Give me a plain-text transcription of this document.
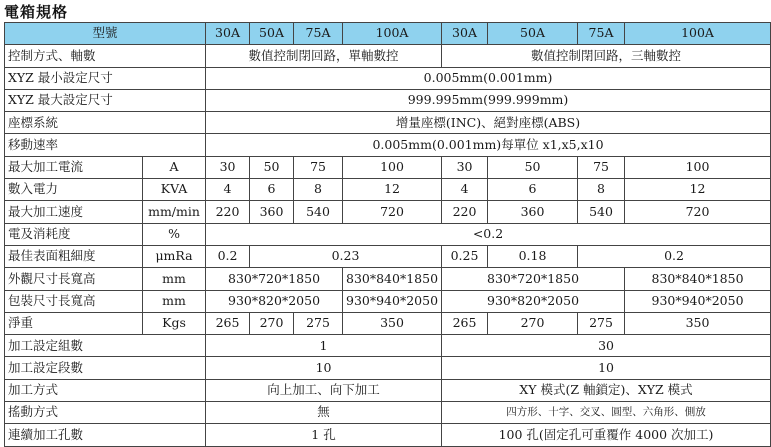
電箱規格
型號		30A	50A	75A	100A	30A	50A	75A	100A	
控制方式、軸數		數值控制閉回路，單軸數控				數值控制閉回路，三軸數控				
XYZ 最小設定尺寸		0.005mm(0.001mm)								
XYZ 最大設定尺寸		999.995mm(999.999mm)								
座標系統		增量座標(INC)、絕對座標(ABS)								
移動速率		0.005mm(0.001mm)每單位 x1,x5,x10								
最大加工電流	A	30	50	75	100	30	50	75	100	
數入電力	KVA	4	6	8	12	4	6	8	12	
最大加工速度	mm/min	220	360	540	720	220	360	540	720	
電及消耗度	%	<0.2								
最佳表面粗細度	μmRa	0.2	0.23			0.25	0.18	0.2	
外觀尺寸長寬高	mm	830*720*1850			830*840*1850	830*720*1850			830*840*1850	
包裝尺寸長寬高	mm	930*820*2050			930*940*2050	930*820*2050			930*940*2050	
淨重	Kgs	265	270	275	350	265	270	275	350	
加工設定組數		1				30				
加工設定段數		10				10				
加工方式		向上加工、向下加工				XY 模式(Z 軸鎖定)、XYZ 模式				
搖動方式		無				四方形、十字、交叉、圓型、六角形、側放				
連續加工孔數		1 孔				100 孔(固定孔可重覆作 4000 次加工)				
